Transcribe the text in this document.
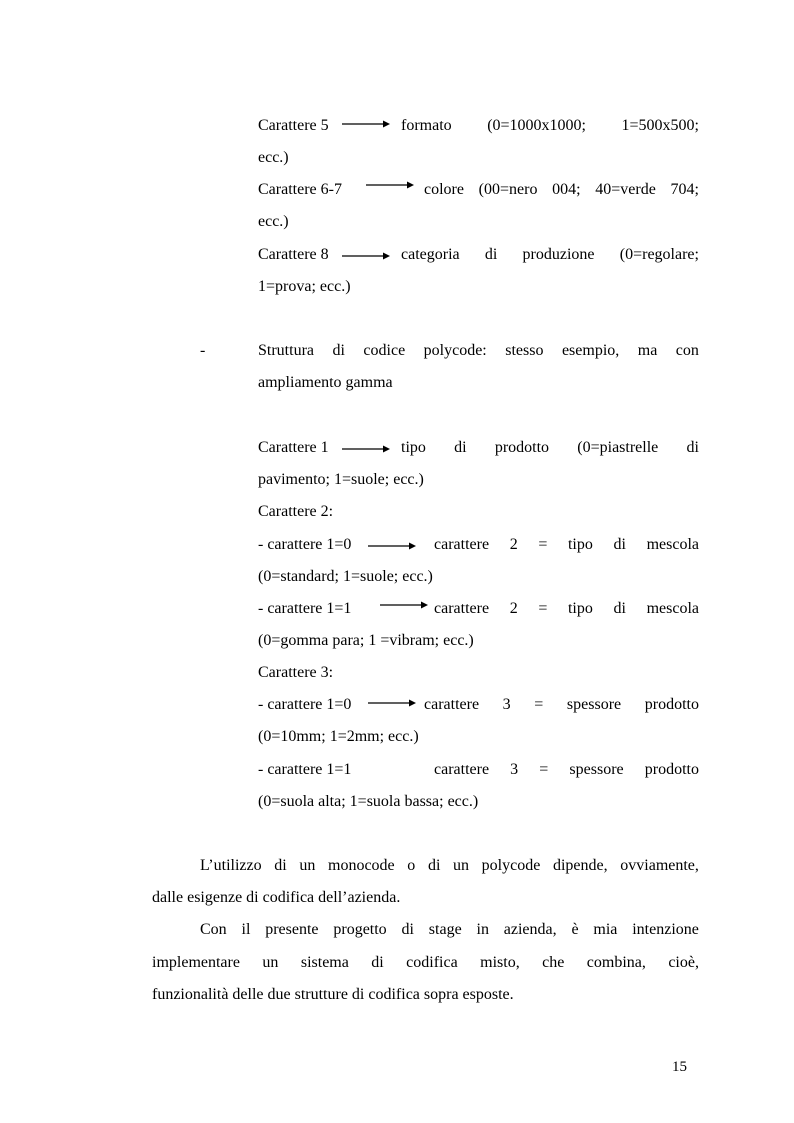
Carattere 5	formato (0=1000x1000; 1=500x500;
ecc.)
Carattere 6-7	colore (00=nero 004; 40=verde 704;
ecc.)
Carattere 8	categoria di produzione (0=regolare;
1=prova; ecc.)
-	Struttura di codice polycode: stesso esempio, ma con
ampliamento gamma
Carattere 1	tipo di prodotto (0=piastrelle di
pavimento; 1=suole; ecc.)
Carattere 2:
- carattere 1=0	carattere 2 = tipo di mescola
(0=standard; 1=suole; ecc.)
- carattere 1=1	carattere 2 = tipo di mescola
(0=gomma para; 1 =vibram; ecc.)
Carattere 3:
- carattere 1=0	carattere 3 = spessore prodotto
(0=10mm; 1=2mm; ecc.)
- carattere 1=1	carattere 3 = spessore prodotto
(0=suola alta; 1=suola bassa; ecc.)
L’utilizzo di un monocode o di un polycode dipende, ovviamente,
dalle esigenze di codifica dell’azienda.
Con il presente progetto di stage in azienda, è mia intenzione
implementare un sistema di codifica misto, che combina, cioè,
funzionalità delle due strutture di codifica sopra esposte.
15
